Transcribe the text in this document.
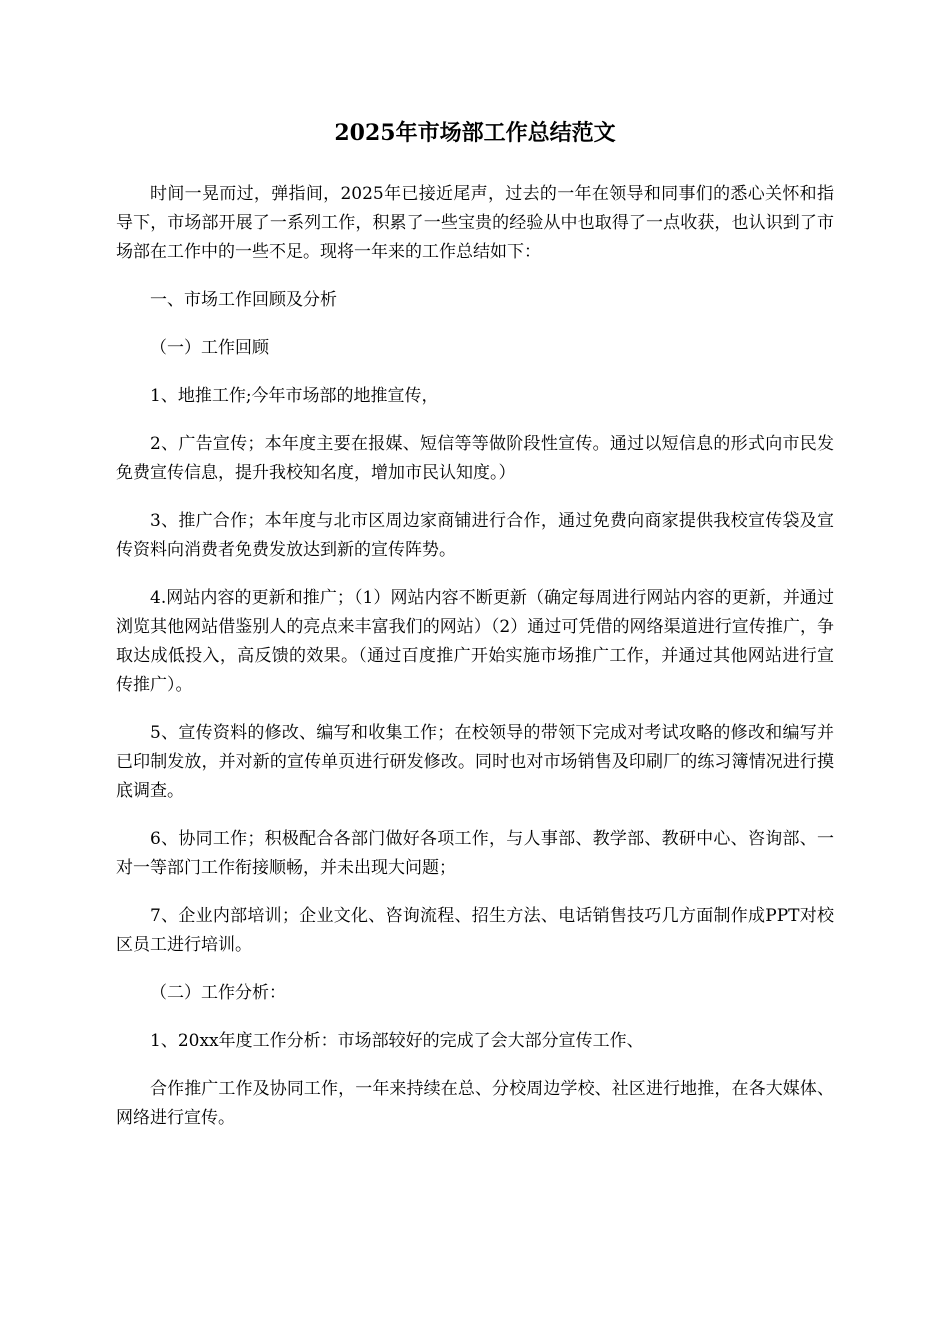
2025年市场部工作总结范文

时间一晃而过，弹指间，2025年已接近尾声，过去的一年在领导和同事们的悉心关怀和指导下，市场部开展了一系列工作，积累了一些宝贵的经验从中也取得了一点收获，也认识到了市场部在工作中的一些不足。现将一年来的工作总结如下：

一、市场工作回顾及分析

（一）工作回顾

1、地推工作;今年市场部的地推宣传，

2、广告宣传；本年度主要在报媒、短信等等做阶段性宣传。通过以短信息的形式向市民发免费宣传信息，提升我校知名度，增加市民认知度。）

3、推广合作；本年度与北市区周边家商铺进行合作，通过免费向商家提供我校宣传袋及宣传资料向消费者免费发放达到新的宣传阵势。

4.网站内容的更新和推广；（1）网站内容不断更新（确定每周进行网站内容的更新，并通过浏览其他网站借鉴别人的亮点来丰富我们的网站）（2）通过可凭借的网络渠道进行宣传推广，争取达成低投入，高反馈的效果。（通过百度推广开始实施市场推广工作，并通过其他网站进行宣传推广）。

5、宣传资料的修改、编写和收集工作；在校领导的带领下完成对考试攻略的修改和编写并已印制发放，并对新的宣传单页进行研发修改。同时也对市场销售及印刷厂的练习簿情况进行摸底调查。

6、协同工作；积极配合各部门做好各项工作，与人事部、教学部、教研中心、咨询部、一对一等部门工作衔接顺畅，并未出现大问题；

7、企业内部培训；企业文化、咨询流程、招生方法、电话销售技巧几方面制作成PPT对校区员工进行培训。

（二）工作分析：

1、20xx年度工作分析：市场部较好的完成了会大部分宣传工作、

合作推广工作及协同工作，一年来持续在总、分校周边学校、社区进行地推，在各大媒体、网络进行宣传。
